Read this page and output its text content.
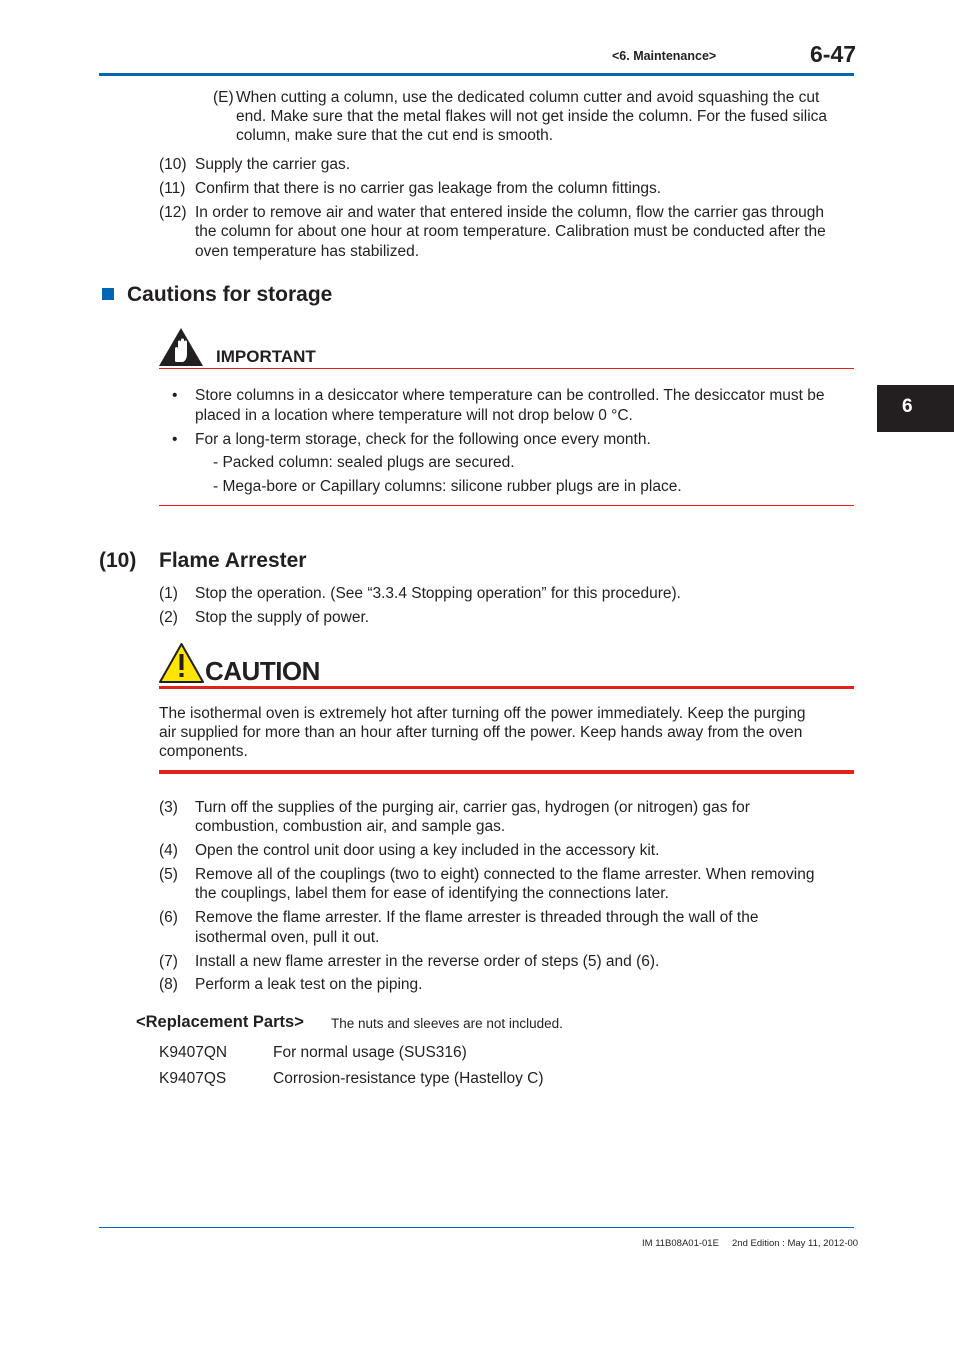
<6. Maintenance>	6-47
6
(E) When cutting a column, use the dedicated column cutter and avoid squashing the cut
end. Make sure that the metal flakes will not get inside the column. For the fused silica
column, make sure that the cut end is smooth.
(10) Supply the carrier gas.
(11) Confirm that there is no carrier gas leakage from the column fittings.
(12) In order to remove air and water that entered inside the column, flow the carrier gas through
the column for about one hour at room temperature. Calibration must be conducted after the
oven temperature has stabilized.
Cautions for storage
IMPORTANT
• Store columns in a desiccator where temperature can be controlled. The desiccator must be
placed in a location where temperature will not drop below 0 °C.
• For a long-term storage, check for the following once every month.
- Packed column: sealed plugs are secured.
- Mega-bore or Capillary columns: silicone rubber plugs are in place.
(10) Flame Arrester
(1) Stop the operation. (See “3.3.4 Stopping operation” for this procedure).
(2) Stop the supply of power.
CAUTION
The isothermal oven is extremely hot after turning off the power immediately. Keep the purging
air supplied for more than an hour after turning off the power. Keep hands away from the oven
components.
(3) Turn off the supplies of the purging air, carrier gas, hydrogen (or nitrogen) gas for
combustion, combustion air, and sample gas.
(4) Open the control unit door using a key included in the accessory kit.
(5) Remove all of the couplings (two to eight) connected to the flame arrester. When removing
the couplings, label them for ease of identifying the connections later.
(6) Remove the flame arrester. If the flame arrester is threaded through the wall of the
isothermal oven, pull it out.
(7) Install a new flame arrester in the reverse order of steps (5) and (6).
(8) Perform a leak test on the piping.
<Replacement Parts> The nuts and sleeves are not included.
K9407QN	For normal usage (SUS316)
K9407QS	Corrosion-resistance type (Hastelloy C)
IM 11B08A01-01E 2nd Edition : May 11, 2012-00
